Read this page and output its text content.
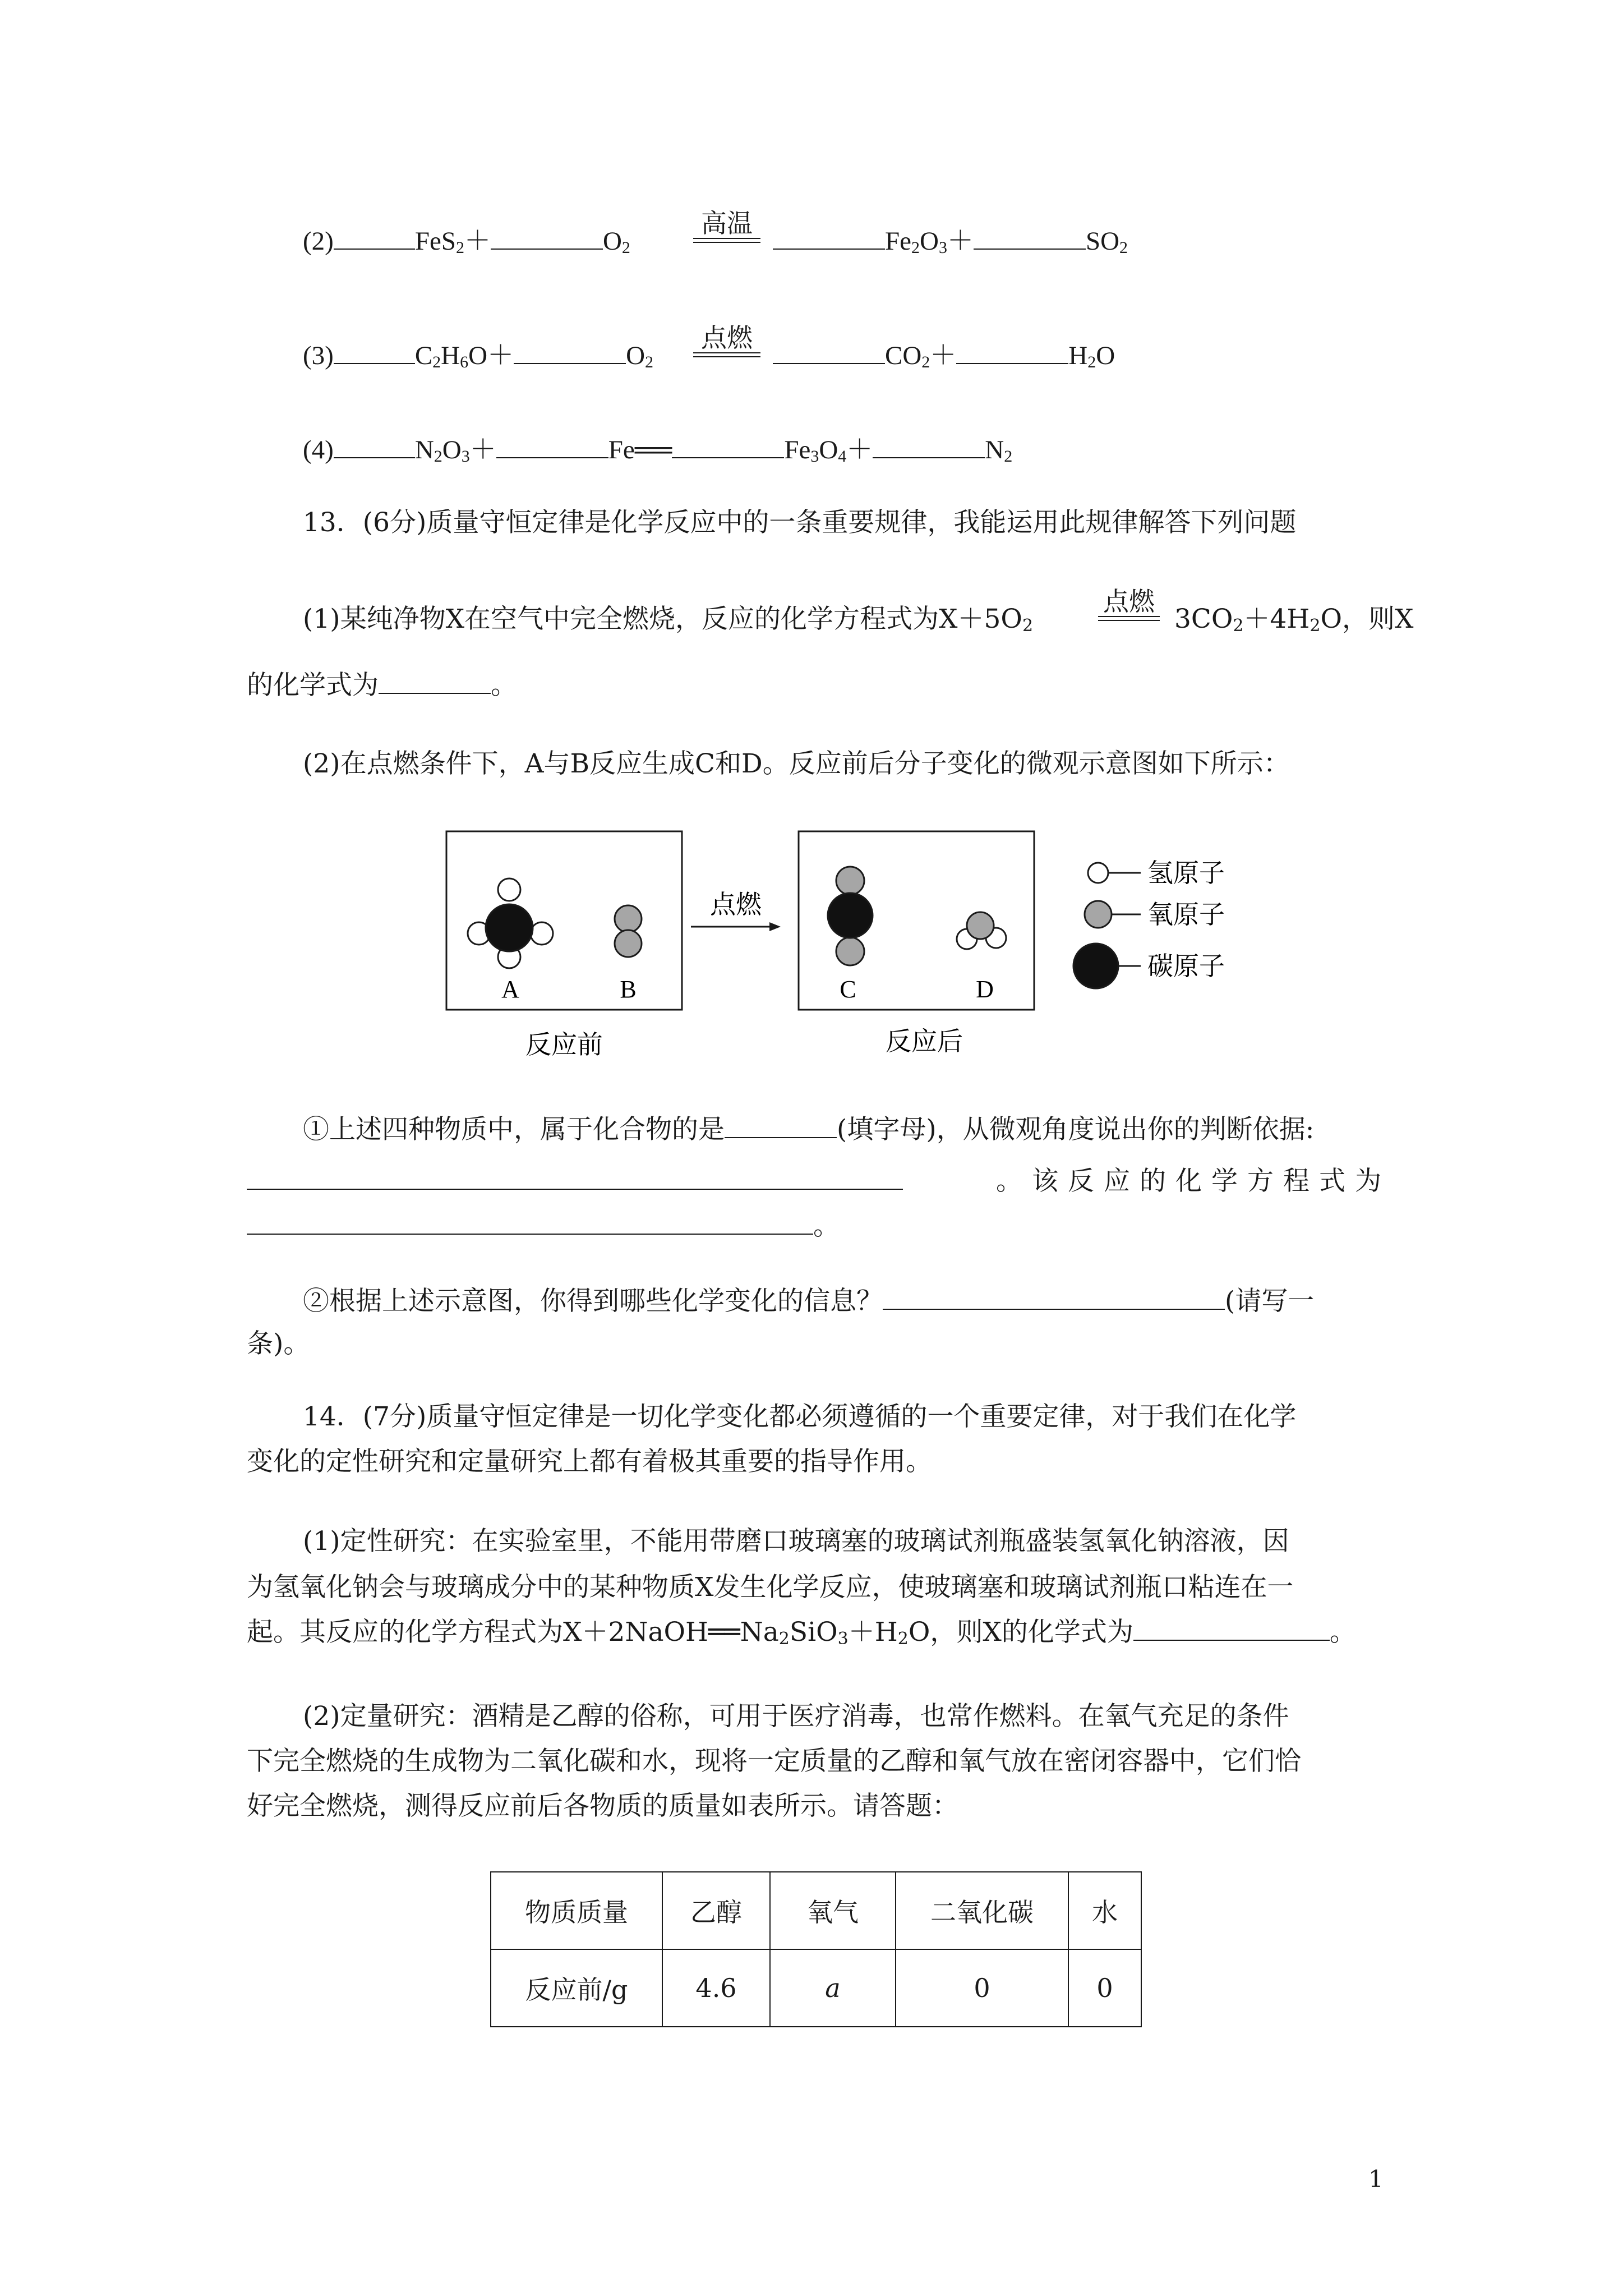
(2)	FeS$_2$＋	$O_2$
高温
$Fe_2O_3+$	$SO_2$
(3)	$C_2H_6O+$	$O_2$
点燃
$CO_2+$	$H_2O$
(4)	$N_2O_3+$	Fe══	$Fe_3O_4+$	$N_2$
13．(6分)质量守恒定律是化学反应中的一条重要规律，我能运用此规律解答下列问题
(1)某纯净物X在空气中完全燃烧，反应的化学方程式为$X+5O_2$
点燃
$3CO_2+4H_2O$，则X
的化学式为	。
(2)在点燃条件下，A与B反应生成C和D。反应前后分子变化的微观示意图如下所示：
A	B
反应前
点燃
C	D
反应后
氢原子
氧原子
碳原子
①上述四种物质中，属于化合物的是	(填字母)，从微观角度说出你的判断依据:
。该反应的化学方程式为
。
②根据上述示意图，你得到哪些化学变化的信息？	(请写一
条)。
14．(7分)质量守恒定律是一切化学变化都必须遵循的一个重要定律，对于我们在化学
变化的定性研究和定量研究上都有着极其重要的指导作用。
(1)定性研究：在实验室里，不能用带磨口玻璃塞的玻璃试剂瓶盛装氢氧化钠溶液，因
为氢氧化钠会与玻璃成分中的某种物质X发生化学反应，使玻璃塞和玻璃试剂瓶口粘连在一
起。其反应的化学方程式为$X+2NaOH══Na_2SiO_3+H_2O$，则X的化学式为	。
(2)定量研究：酒精是乙醇的俗称，可用于医疗消毒，也常作燃料。在氧气充足的条件
下完全燃烧的生成物为二氧化碳和水，现将一定质量的乙醇和氧气放在密闭容器中，它们恰
好完全燃烧，测得反应前后各物质的质量如表所示。请答题：
物质质量	乙醇	氧气	二氧化碳	水
反应前/g	4.6	a	0	0
1
